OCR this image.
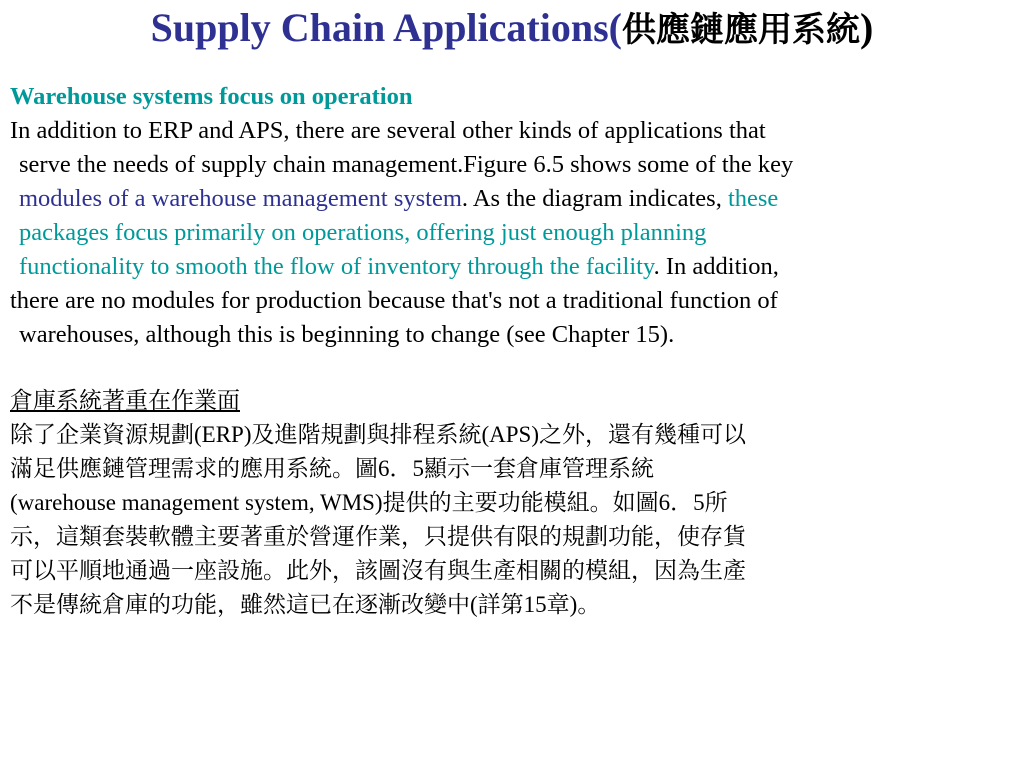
Supply Chain Applications(供應鏈應用系統)

Warehouse systems focus on operation

In addition to ERP and APS, there are several other kinds of applications that

serve the needs of supply chain management.Figure 6.5 shows some of the key

modules of a warehouse management system. As the diagram indicates, these

packages focus primarily on operations, offering just enough planning

functionality to smooth the flow of inventory through the facility. In addition,

there are no modules for production because that's not a traditional function of

warehouses, although this is beginning to change (see Chapter 15).

倉庫系統著重在作業面

除了企業資源規劃(ERP)及進階規劃與排程系統(APS)之外，還有幾種可以

滿足供應鏈管理需求的應用系統。圖6．5顯示一套倉庫管理系統

(warehouse management system, WMS)提供的主要功能模組。如圖6．5所

示，這類套裝軟體主要著重於營運作業，只提供有限的規劃功能，使存貨

可以平順地通過一座設施。此外，該圖沒有與生產相關的模組，因為生產

不是傳統倉庫的功能，雖然這已在逐漸改變中(詳第15章)。
